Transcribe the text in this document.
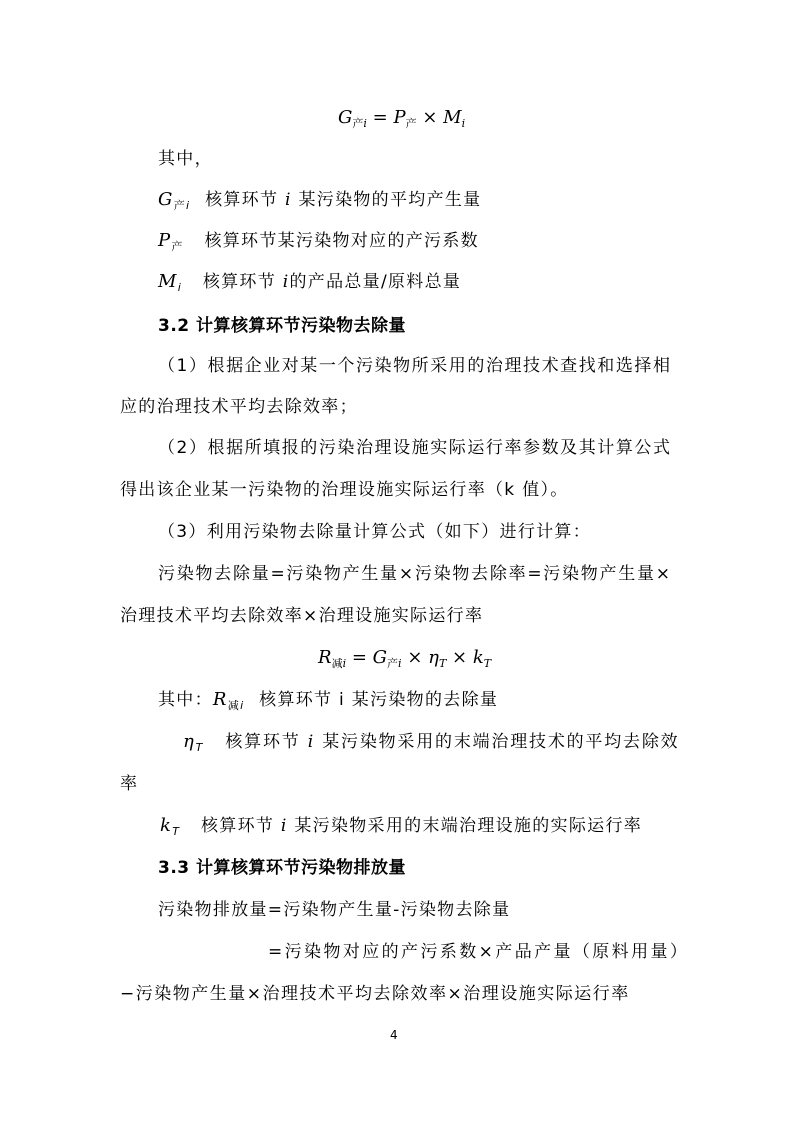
$G_{产i} = P_产 \times M_i$
其中，
$G_{产i}$ 核算环节 i 某污染物的平均产生量
$P_产$ 核算环节某污染物对应的产污系数
$M_i$ 核算环节 i的产品总量/原料总量
3.2 计算核算环节污染物去除量
（1）根据企业对某一个污染物所采用的治理技术查找和选择相
应的治理技术平均去除效率；
（2）根据所填报的污染治理设施实际运行率参数及其计算公式
得出该企业某一污染物的治理设施实际运行率（k 值）。
（3）利用污染物去除量计算公式（如下）进行计算：
污染物去除量=污染物产生量×污染物去除率=污染物产生量×
治理技术平均去除效率×治理设施实际运行率
$R_{减i} = G_{产i} \times \eta_T \times k_T$
其中：$R_{减i}$ 核算环节 i 某污染物的去除量
$\eta_T$ 核算环节 i 某污染物采用的末端治理技术的平均去除效
率
$k_T$ 核算环节 i 某污染物采用的末端治理设施的实际运行率
3.3 计算核算环节污染物排放量
污染物排放量=污染物产生量-污染物去除量
=污染物对应的产污系数×产品产量（原料用量）
−污染物产生量×治理技术平均去除效率×治理设施实际运行率
4
